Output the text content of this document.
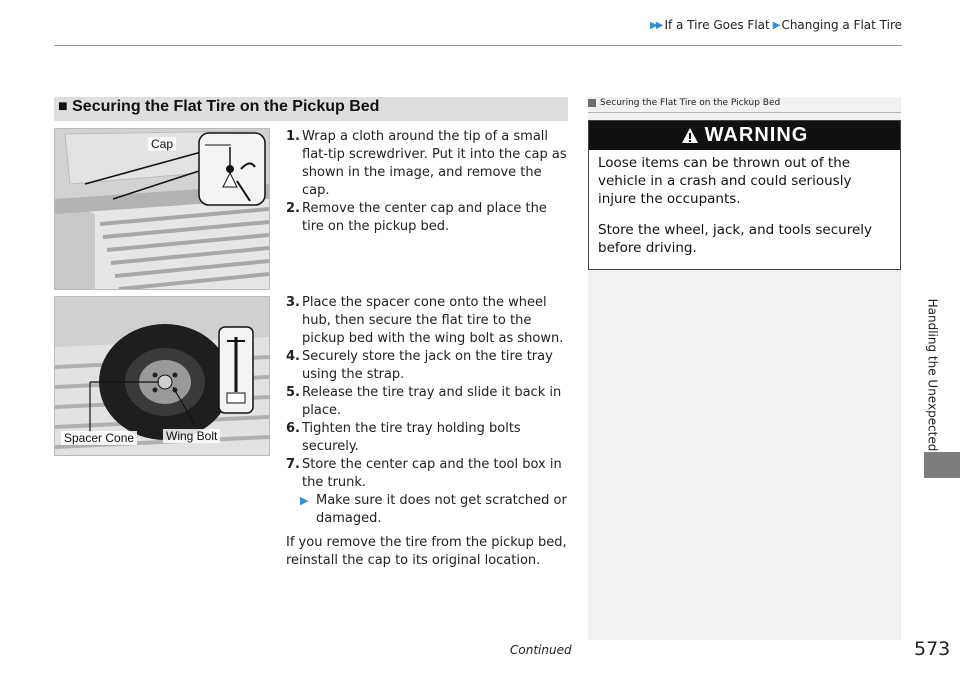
▶▶ If a Tire Goes Flat ▶ Changing a Flat Tire
Handling the Unexpected
■ Securing the Flat Tire on the Pickup Bed
Cap
Spacer Cone	Wing Bolt
1. Wrap a cloth around the tip of a small flat-tip screwdriver. Put it into the cap as shown in the image, and remove the cap.
2. Remove the center cap and place the tire on the pickup bed.
3. Place the spacer cone onto the wheel hub, then secure the flat tire to the pickup bed with the wing bolt as shown.
4. Securely store the jack on the tire tray using the strap.
5. Release the tire tray and slide it back in place.
6. Tighten the tire tray holding bolts securely.
7. Store the center cap and the tool box in the trunk.
▶ Make sure it does not get scratched or damaged.
If you remove the tire from the pickup bed, reinstall the cap to its original location.
Securing the Flat Tire on the Pickup Bed
WARNING

Loose items can be thrown out of the vehicle in a crash and could seriously injure the occupants.

Store the wheel, jack, and tools securely before driving.

Continued	573
